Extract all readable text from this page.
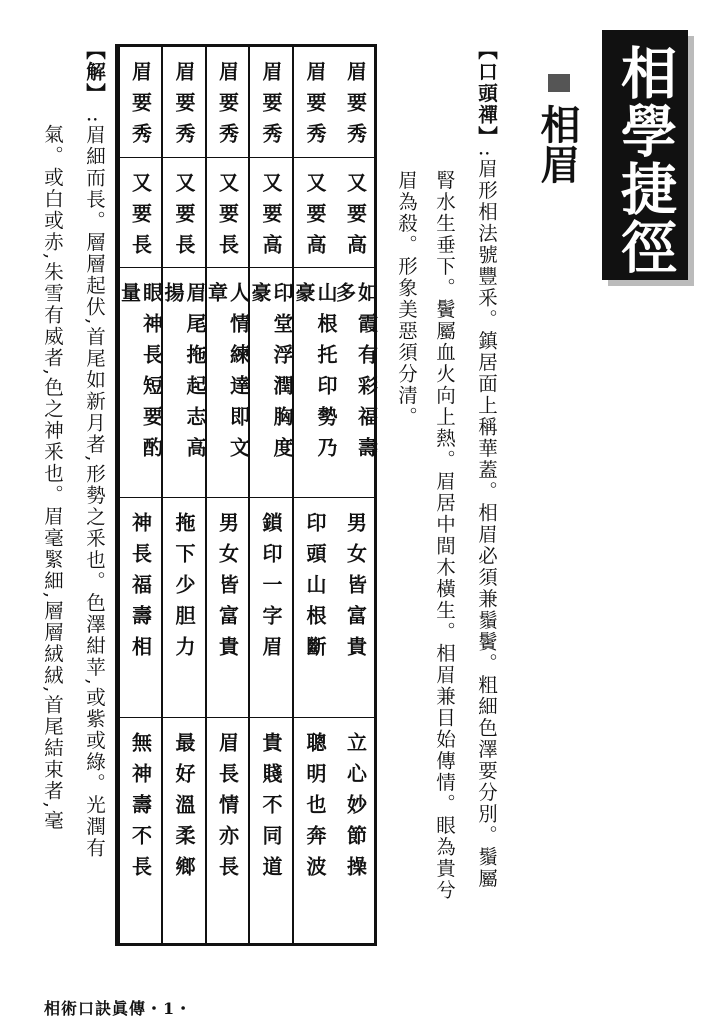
相學捷徑
相眉
【口頭禪】
:眉形相法號豐釆。鎮居面上稱華蓋。相眉必須兼鬚鬢。粗細色澤要分別。鬚屬
腎水生垂下。鬢屬血火向上熱。眉居中間木橫生。相眉兼目始傳情。眼為貴兮
眉為殺。形象美惡須分清。
眉要秀
又要高
如霞有彩福壽多
男女皆富貴
立心妙節操
眉要秀
又要高
山根托印勢乃豪
印頭山根斷
聰明也奔波
眉要秀
又要高
印堂浮潤胸度豪
鎖印一字眉
貴賤不同道
眉要秀
又要長
人情練達即文章
男女皆富貴
眉長情亦長
眉要秀
又要長
眉尾拖起志高揚
拖下少胆力
最好溫柔鄉
眉要秀
又要長
眼神長短要酌量
神長福壽相
無神壽不長
【解】
:眉細而長。層層起伏,首尾如新月者,形勢之釆也。色澤紺苹,或紫或綠。光潤有
氣。或白或赤,朱雪有威者,色之神釆也。眉毫緊細,層層絨絨,首尾結束者,毫
相術口訣眞傳・1・
